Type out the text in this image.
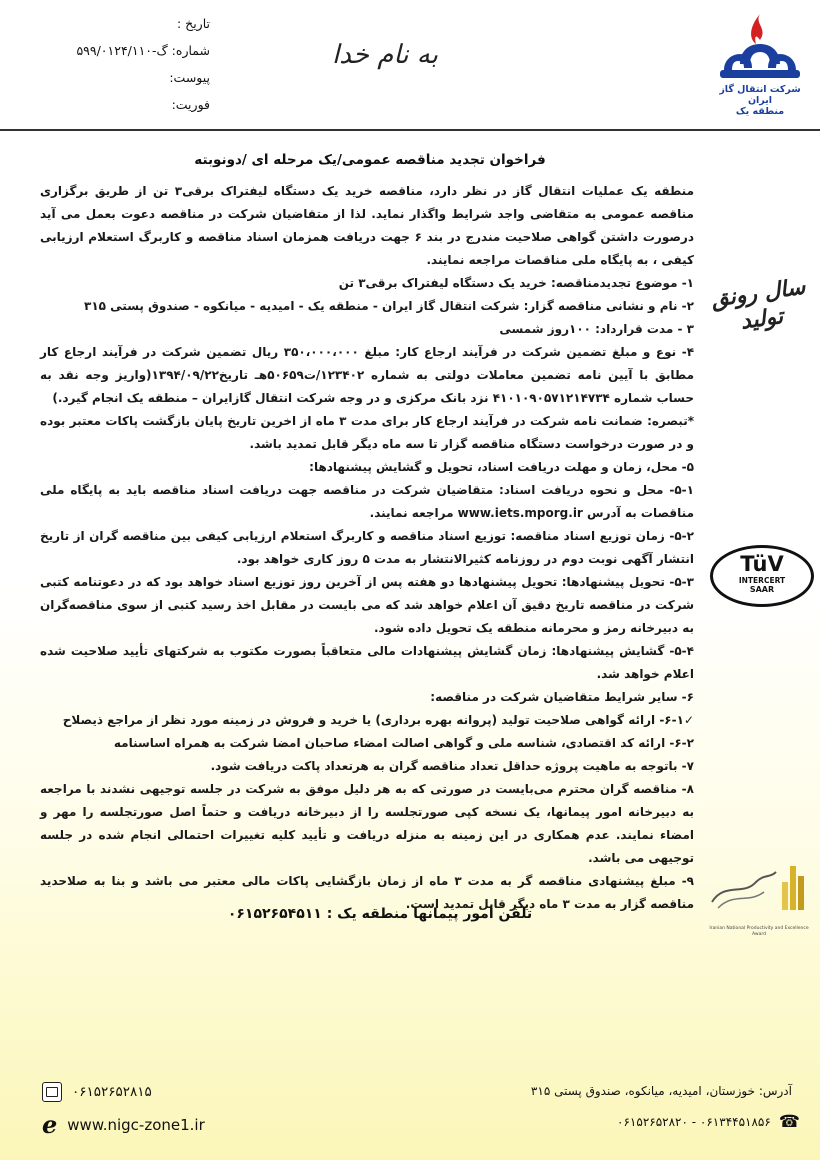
تاریخ :
شماره: گ-۵۹۹/۰۱۲۴/۱۱۰
پیوست:
فوریت:
به نام خدا
شرکت انتقال گاز ایران
منطقه یک
سال رونق تولید
TüV
INTERCERT
SAAR
Iranian National Productivity and Excellence Award
فراخوان تجدید مناقصه عمومی/یک مرحله ای /دونوبته

منطقه یک عملیات انتقال گاز در نظر دارد، مناقصه خرید یک دستگاه لیفتراک برقی۳ تن از طریق برگزاری مناقصه عمومی به متقاضی واجد شرایط واگذار نماید. لذا از متقاضیان شرکت در مناقصه دعوت بعمل می آید درصورت داشتن گواهی صلاحیت مندرج در بند ۶ جهت دریافت همزمان اسناد مناقصه و کاربرگ استعلام ارزیابی کیفی ، به پایگاه ملی مناقصات مراجعه نمایند.

۱- موضوع تجدیدمناقصه: خرید یک دستگاه لیفتراک برقی۳ تن

۲- نام و نشانی مناقصه گزار: شرکت انتقال گاز ایران - منطقه یک - امیدیه - میانکوه - صندوق پستی ۳۱۵

۳ - مدت قرارداد: ۱۰۰روز شمسی

۴- نوع و مبلغ تضمین شرکت در فرآیند ارجاع کار: مبلغ ۳۵۰،۰۰۰،۰۰۰ ریال تضمین شرکت در فرآیند ارجاع کار مطابق با آیین نامه تضمین معاملات دولتی به شماره ۱۲۳۴۰۲/ت۵۰۶۵۹هـ تاریخ۱۳۹۴/۰۹/۲۲(واریز وجه نقد به حساب شماره ۴۱۰۱۰۹۰۵۷۱۲۱۴۷۳۴ نزد بانک مرکزی و در وجه شرکت انتقال گازایران – منطقه یک انجام گیرد.)

*تبصره: ضمانت نامه شرکت در فرآیند ارجاع کار برای مدت ۳ ماه از اخرین تاریخ پایان بازگشت پاکات معتبر بوده و در صورت درخواست دستگاه مناقصه گزار تا سه ماه دیگر قابل تمدید باشد.

۵- محل، زمان و مهلت دریافت اسناد، تحویل و گشایش پیشنهادها:

۵-۱- محل و نحوه دریافت اسناد: متقاضیان شرکت در مناقصه جهت دریافت اسناد مناقصه باید به پایگاه ملی مناقصات به آدرس www.iets.mporg.ir مراجعه نمایند.

۵-۲- زمان توزیع اسناد مناقصه: توزیع اسناد مناقصه و کاربرگ استعلام ارزیابی کیفی بین مناقصه گران از تاریخ انتشار آگهی نوبت دوم در روزنامه کثیرالانتشار به مدت ۵ روز کاری خواهد بود.

۵-۳- تحویل پیشنهادها: تحویل پیشنهادها دو هفته پس از آخرین روز توزیع اسناد خواهد بود که در دعوتنامه کتبی شرکت در مناقصه تاریخ دقیق آن اعلام خواهد شد که می بایست در مقابل اخذ رسید کتبی از سوی مناقصه‌گران به دبیرخانه رمز و محرمانه منطقه یک تحویل داده شود.

۵-۴- گشایش پیشنهادها: زمان گشایش پیشنهادات مالی متعاقباً بصورت مکتوب به شرکتهای تأیید صلاحیت شده اعلام خواهد شد.

۶- سایر شرایط متقاضیان شرکت در مناقصه:

✓۶-۱- ارائه گواهی صلاحیت تولید (پروانه بهره برداری) یا خرید و فروش در زمینه مورد نظر از مراجع ذیصلاح

۶-۲- ارائه کد اقتصادی، شناسه ملی و گواهی اصالت امضاء صاحبان امضا شرکت به همراه اساسنامه

۷- باتوجه به ماهیت پروژه حداقل تعداد مناقصه گران به هرتعداد پاکت دریافت شود.

۸- مناقصه گران محترم می‌بایست در صورتی که به هر دلیل موفق به شرکت در جلسه توجیهی نشدند با مراجعه به دبیرخانه امور پیمانها، یک نسخه کپی صورتجلسه را از دبیرخانه دریافت و حتماً اصل صورتجلسه را مهر و امضاء نمایند. عدم همکاری در این زمینه به منزله دریافت و تأیید کلیه تغییرات احتمالی انجام شده در جلسه توجیهی می باشد.

۹- مبلغ پیشنهادی مناقصه گر به مدت ۳ ماه از زمان بازگشایی پاکات مالی معتبر می باشد و بنا به صلاحدید مناقصه گزار به مدت ۳ ماه دیگر قابل تمدید است.

تلفن امور پیمانها منطقه یک : ۰۶۱۵۲۶۵۴۵۱۱
۰۶۱۵۲۶۵۲۸۱۵
e www.nigc-zone1.ir
آدرس: خوزستان، امیدیه، میانکوه، صندوق پستی ۳۱۵
۰۶۱۳۴۴۵۱۸۵۶ - ۰۶۱۵۲۶۵۲۸۲۰ ☎
